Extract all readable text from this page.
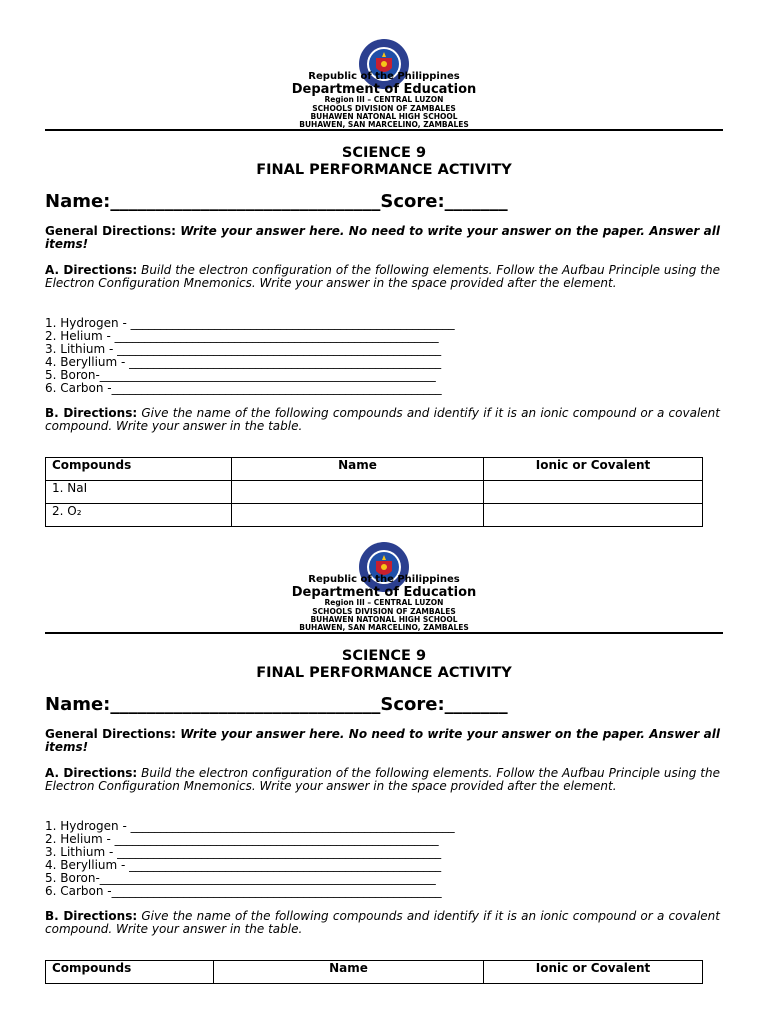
Republic of the Philippines
Department of Education
Region III – CENTRAL LUZON
SCHOOLS DIVISION OF ZAMBALES
BUHAWEN NATONAL HIGH SCHOOL
BUHAWEN, SAN MARCELINO, ZAMBALES
SCIENCE 9
FINAL PERFORMANCE ACTIVITY
Name:______________________________Score:_______
General Directions: Write your answer here. No need to write your answer on the paper. Answer all items!
A. Directions: Build the electron configuration of the following elements. Follow the Aufbau Principle using the Electron Configuration Mnemonics. Write your answer in the space provided after the element.
1. Hydrogen - ______________________________________________________
2. Helium - ______________________________________________________
3. Lithium - ______________________________________________________
4. Beryllium - ____________________________________________________
5. Boron-________________________________________________________
6. Carbon -_______________________________________________________
B. Directions: Give the name of the following compounds and identify if it is an ionic compound or a covalent compound. Write your answer in the table.
Compounds	Name	Ionic or Covalent
1. NaI		
2. O₂		
Republic of the Philippines
Department of Education
Region III – CENTRAL LUZON
SCHOOLS DIVISION OF ZAMBALES
BUHAWEN NATONAL HIGH SCHOOL
BUHAWEN, SAN MARCELINO, ZAMBALES
SCIENCE 9
FINAL PERFORMANCE ACTIVITY
Name:______________________________Score:_______
General Directions: Write your answer here. No need to write your answer on the paper. Answer all items!
A. Directions: Build the electron configuration of the following elements. Follow the Aufbau Principle using the Electron Configuration Mnemonics. Write your answer in the space provided after the element.
1. Hydrogen - ______________________________________________________
2. Helium - ______________________________________________________
3. Lithium - ______________________________________________________
4. Beryllium - ____________________________________________________
5. Boron-________________________________________________________
6. Carbon -_______________________________________________________
B. Directions: Give the name of the following compounds and identify if it is an ionic compound or a covalent compound. Write your answer in the table.
Compounds	Name	Ionic or Covalent
